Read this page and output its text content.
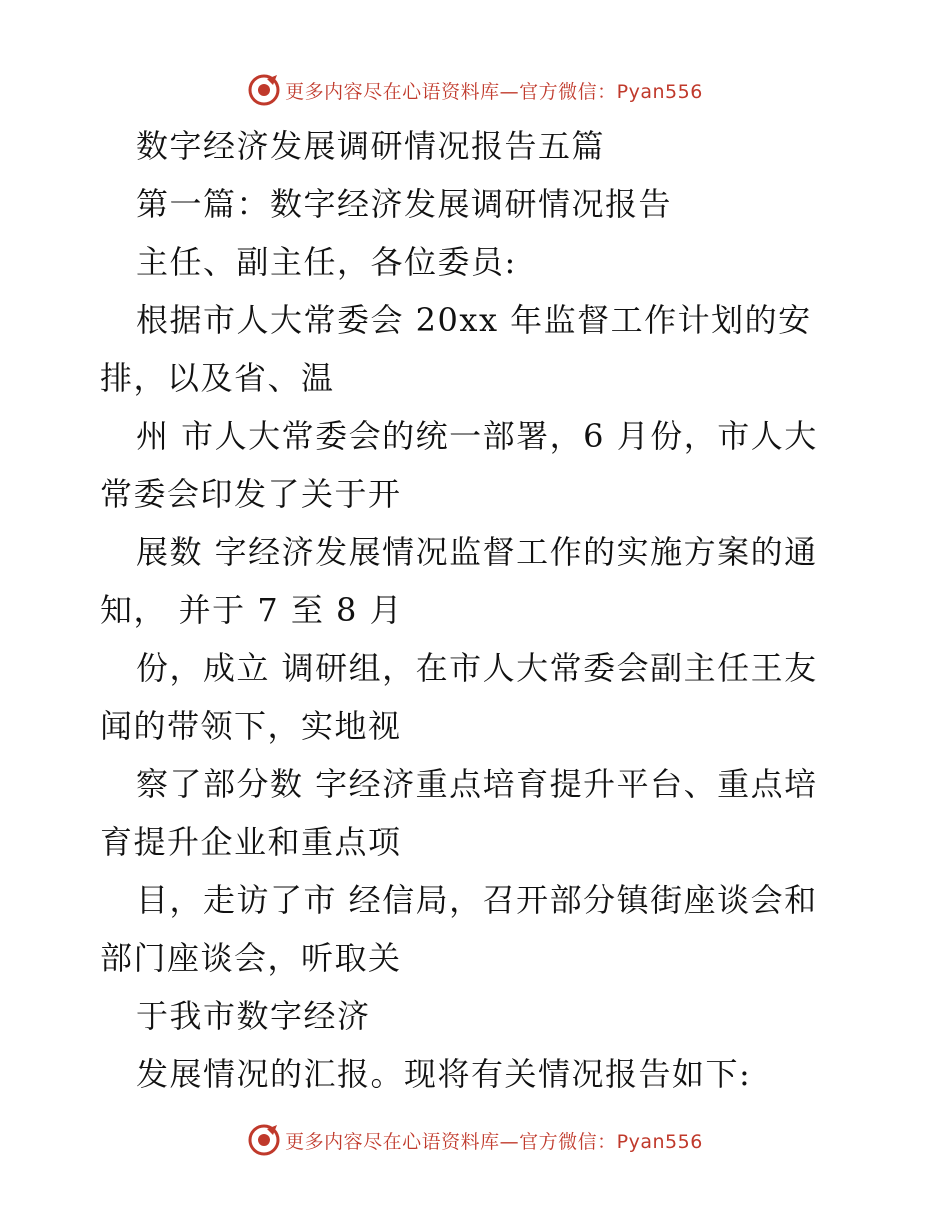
更多内容尽在心语资料库—官方微信：Pyan556
数字经济发展调研情况报告五篇
第一篇：数字经济发展调研情况报告
主任、副主任，各位委员:
根据市人大常委会 20xx 年监督工作计划的安
排，以及省、温
州 市人大常委会的统一部署，6 月份，市人大
常委会印发了关于开
展数 字经济发展情况监督工作的实施方案的通
知， 并于 7 至 8 月
份，成立 调研组，在市人大常委会副主任王友
闻的带领下，实地视
察了部分数 字经济重点培育提升平台、重点培
育提升企业和重点项
目，走访了市 经信局，召开部分镇街座谈会和
部门座谈会，听取关
于我市数字经济
发展情况的汇报。现将有关情况报告如下:
更多内容尽在心语资料库—官方微信：Pyan556
